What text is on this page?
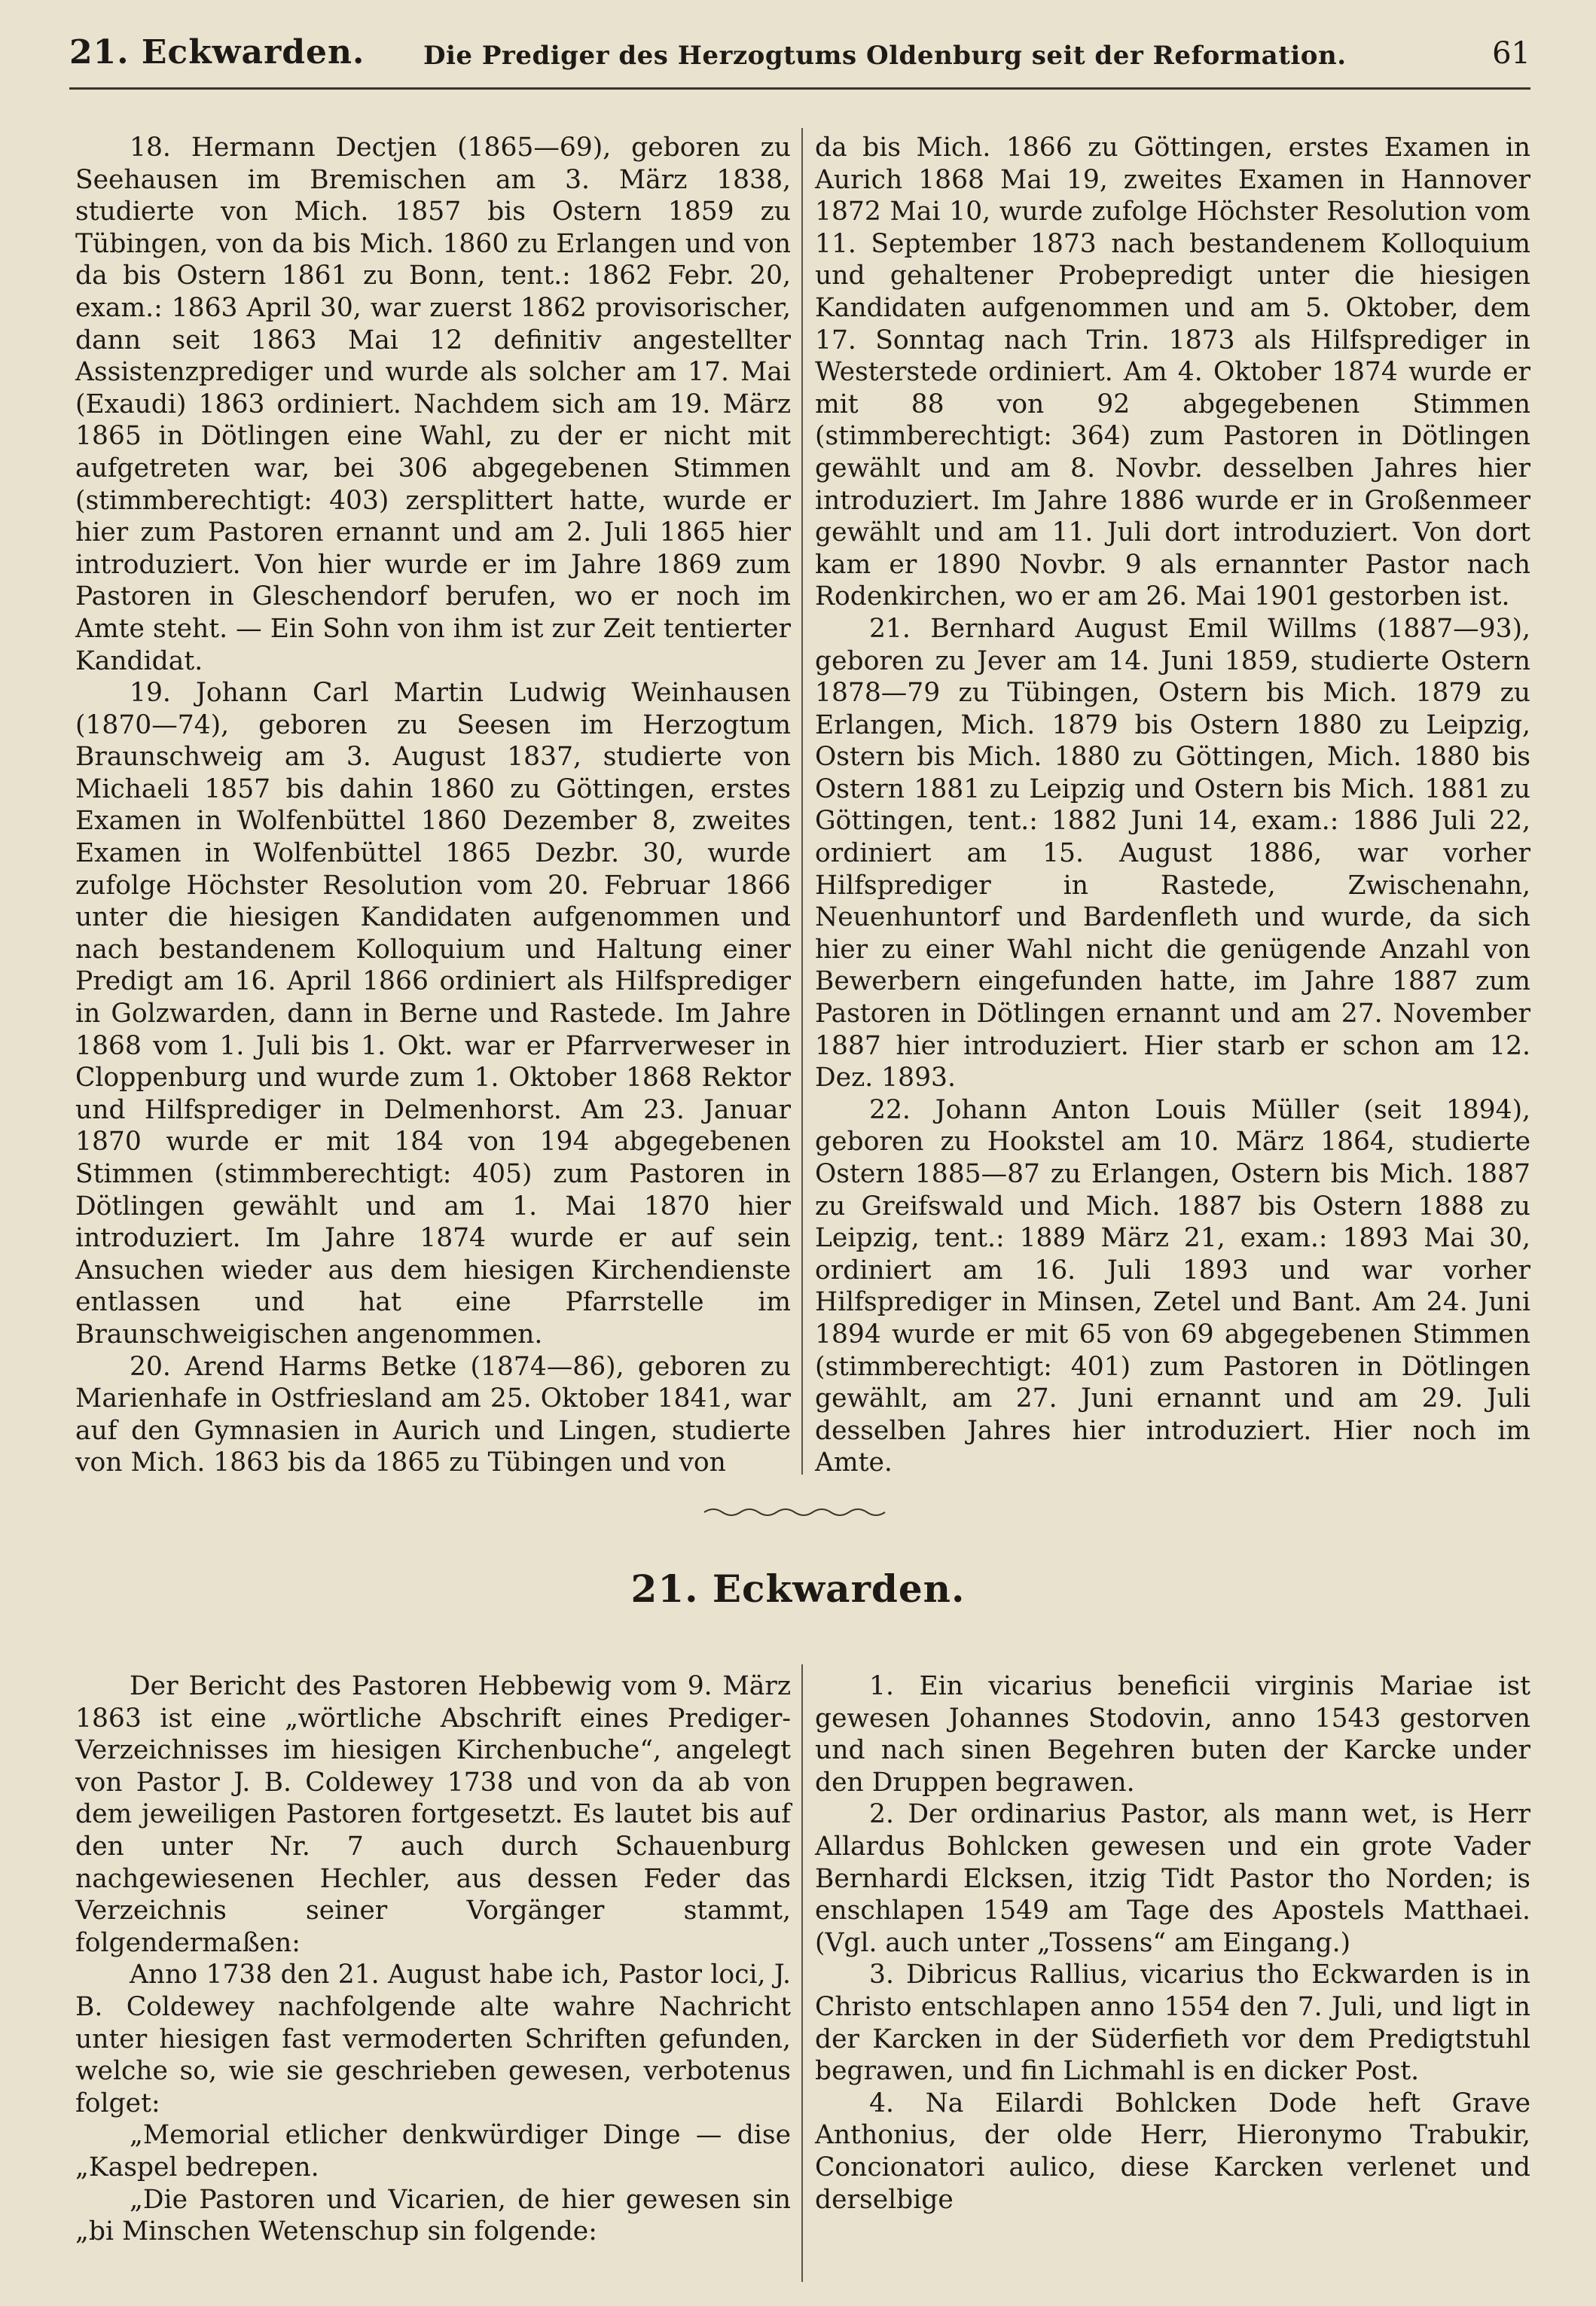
21. Eckwarden. Die Prediger des Herzogtums Oldenburg seit der Reformation.	61

18. Hermann Dectjen (1865—69), geboren zu Seehausen im Bremischen am 3. März 1838, studierte von Mich. 1857 bis Ostern 1859 zu Tübingen, von da bis Mich. 1860 zu Erlangen und von da bis Ostern 1861 zu Bonn, tent.: 1862 Febr. 20, exam.: 1863 April 30, war zuerst 1862 provisorischer, dann seit 1863 Mai 12 definitiv angestellter Assistenzprediger und wurde als solcher am 17. Mai (Exaudi) 1863 ordiniert. Nachdem sich am 19. März 1865 in Dötlingen eine Wahl, zu der er nicht mit aufgetreten war, bei 306 abgegebenen Stimmen (stimmberechtigt: 403) zersplittert hatte, wurde er hier zum Pastoren ernannt und am 2. Juli 1865 hier introduziert. Von hier wurde er im Jahre 1869 zum Pastoren in Gleschendorf berufen, wo er noch im Amte steht. — Ein Sohn von ihm ist zur Zeit tentierter Kandidat.

19. Johann Carl Martin Ludwig Weinhausen (1870—74), geboren zu Seesen im Herzogtum Braunschweig am 3. August 1837, studierte von Michaeli 1857 bis dahin 1860 zu Göttingen, erstes Examen in Wolfenbüttel 1860 Dezember 8, zweites Examen in Wolfenbüttel 1865 Dezbr. 30, wurde zufolge Höchster Resolution vom 20. Februar 1866 unter die hiesigen Kandidaten aufgenommen und nach bestandenem Kolloquium und Haltung einer Predigt am 16. April 1866 ordiniert als Hilfsprediger in Golzwarden, dann in Berne und Rastede. Im Jahre 1868 vom 1. Juli bis 1. Okt. war er Pfarrverweser in Cloppenburg und wurde zum 1. Oktober 1868 Rektor und Hilfsprediger in Delmenhorst. Am 23. Januar 1870 wurde er mit 184 von 194 abgegebenen Stimmen (stimmberechtigt: 405) zum Pastoren in Dötlingen gewählt und am 1. Mai 1870 hier introduziert. Im Jahre 1874 wurde er auf sein Ansuchen wieder aus dem hiesigen Kirchendienste entlassen und hat eine Pfarrstelle im Braunschweigischen angenommen.

20. Arend Harms Betke (1874—86), geboren zu Marienhafe in Ostfriesland am 25. Oktober 1841, war auf den Gymnasien in Aurich und Lingen, studierte von Mich. 1863 bis da 1865 zu Tübingen und von

da bis Mich. 1866 zu Göttingen, erstes Examen in Aurich 1868 Mai 19, zweites Examen in Hannover 1872 Mai 10, wurde zufolge Höchster Resolution vom 11. September 1873 nach bestandenem Kolloquium und gehaltener Probepredigt unter die hiesigen Kandidaten aufgenommen und am 5. Oktober, dem 17. Sonntag nach Trin. 1873 als Hilfsprediger in Westerstede ordiniert. Am 4. Oktober 1874 wurde er mit 88 von 92 abgegebenen Stimmen (stimmberechtigt: 364) zum Pastoren in Dötlingen gewählt und am 8. Novbr. desselben Jahres hier introduziert. Im Jahre 1886 wurde er in Großenmeer gewählt und am 11. Juli dort introduziert. Von dort kam er 1890 Novbr. 9 als ernannter Pastor nach Rodenkirchen, wo er am 26. Mai 1901 gestorben ist.

21. Bernhard August Emil Willms (1887—93), geboren zu Jever am 14. Juni 1859, studierte Ostern 1878—79 zu Tübingen, Ostern bis Mich. 1879 zu Erlangen, Mich. 1879 bis Ostern 1880 zu Leipzig, Ostern bis Mich. 1880 zu Göttingen, Mich. 1880 bis Ostern 1881 zu Leipzig und Ostern bis Mich. 1881 zu Göttingen, tent.: 1882 Juni 14, exam.: 1886 Juli 22, ordiniert am 15. August 1886, war vorher Hilfsprediger in Rastede, Zwischenahn, Neuenhuntorf und Bardenfleth und wurde, da sich hier zu einer Wahl nicht die genügende Anzahl von Bewerbern eingefunden hatte, im Jahre 1887 zum Pastoren in Dötlingen ernannt und am 27. November 1887 hier introduziert. Hier starb er schon am 12. Dez. 1893.

22. Johann Anton Louis Müller (seit 1894), geboren zu Hookstel am 10. März 1864, studierte Ostern 1885—87 zu Erlangen, Ostern bis Mich. 1887 zu Greifswald und Mich. 1887 bis Ostern 1888 zu Leipzig, tent.: 1889 März 21, exam.: 1893 Mai 30, ordiniert am 16. Juli 1893 und war vorher Hilfsprediger in Minsen, Zetel und Bant. Am 24. Juni 1894 wurde er mit 65 von 69 abgegebenen Stimmen (stimmberechtigt: 401) zum Pastoren in Dötlingen gewählt, am 27. Juni ernannt und am 29. Juli desselben Jahres hier introduziert. Hier noch im Amte.

21. Eckwarden.

Der Bericht des Pastoren Hebbewig vom 9. März 1863 ist eine „wörtliche Abschrift eines Prediger-Verzeichnisses im hiesigen Kirchenbuche“, angelegt von Pastor J. B. Coldewey 1738 und von da ab von dem jeweiligen Pastoren fortgesetzt. Es lautet bis auf den unter Nr. 7 auch durch Schauenburg nachgewiesenen Hechler, aus dessen Feder das Verzeichnis seiner Vorgänger stammt, folgendermaßen:

Anno 1738 den 21. August habe ich, Pastor loci, J. B. Coldewey nachfolgende alte wahre Nachricht unter hiesigen fast vermoderten Schriften gefunden, welche so, wie sie geschrieben gewesen, verbotenus folget:

„Memorial etlicher denkwürdiger Dinge — dise „Kaspel bedrepen.

„Die Pastoren und Vicarien, de hier gewesen sin „bi Minschen Wetenschup sin folgende:

1. Ein vicarius beneficii virginis Mariae ist gewesen Johannes Stodovin, anno 1543 gestorven und nach sinen Begehren buten der Karcke under den Druppen begrawen.

2. Der ordinarius Pastor, als mann wet, is Herr Allardus Bohlcken gewesen und ein grote Vader Bernhardi Elcksen, itzig Tidt Pastor tho Norden; is enschlapen 1549 am Tage des Apostels Matthaei. (Vgl. auch unter „Tossens“ am Eingang.)

3. Dibricus Rallius, vicarius tho Eckwarden is in Christo entschlapen anno 1554 den 7. Juli, und ligt in der Karcken in der Süderfieth vor dem Predigtstuhl begrawen, und fin Lichmahl is en dicker Post.

4. Na Eilardi Bohlcken Dode heft Grave Anthonius, der olde Herr, Hieronymo Trabukir, Concionatori aulico, diese Karcken verlenet und derselbige
